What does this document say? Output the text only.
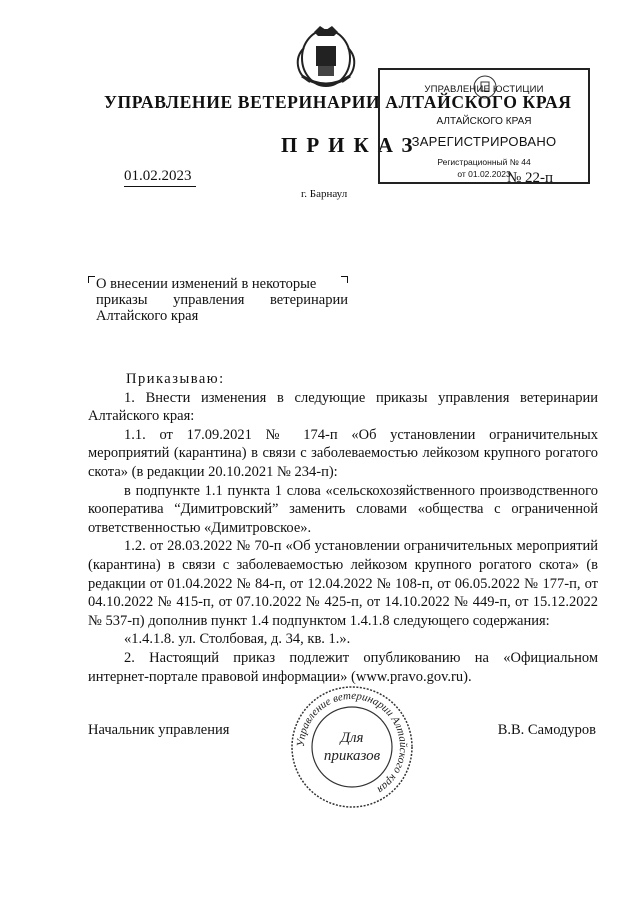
УПРАВЛЕНИЕ ВЕТЕРИНАРИИ АЛТАЙСКОГО КРАЯ
ПРИКАЗ
УПРАВЛЕНИЕ ЮСТИЦИИ
АЛТАЙСКОГО КРАЯ
ЗАРЕГИСТРИРОВАНО
Регистрационный № 44
от 01.02.2023
№ 22-п
01.02.2023
г. Барнаул
О внесении изменений в некоторые
приказы управления ветеринарии
Алтайского края

Приказываю:

1. Внести изменения в следующие приказы управления ветеринарии Алтайского края:

1.1. от 17.09.2021 № 174-п «Об установлении ограничительных мероприятий (карантина) в связи с заболеваемостью лейкозом крупного рогатого скота» (в редакции 20.10.2021 № 234-п):

в подпункте 1.1 пункта 1 слова «сельскохозяйственного производственного кооператива “Димитровский” заменить словами «общества с ограниченной ответственностью «Димитровское».

1.2. от 28.03.2022 № 70-п «Об установлении ограничительных мероприятий (карантина) в связи с заболеваемостью лейкозом крупного рогатого скота» (в редакции от 01.04.2022 № 84-п, от 12.04.2022 № 108-п, от 06.05.2022 № 177-п, от 04.10.2022 № 415-п, от 07.10.2022 № 425-п, от 14.10.2022 № 449-п, от 15.12.2022 № 537-п) дополнив пункт 1.4 подпунктом 1.4.1.8 следующего содержания:

«1.4.1.8. ул. Столбовая, д. 34, кв. 1.».

2. Настоящий приказ подлежит опубликованию на «Официальном интернет-портале правовой информации» (www.pravo.gov.ru).

Начальник управления	В.В. Самодуров
Управление ветеринарии Алтайского края
Для
приказов
